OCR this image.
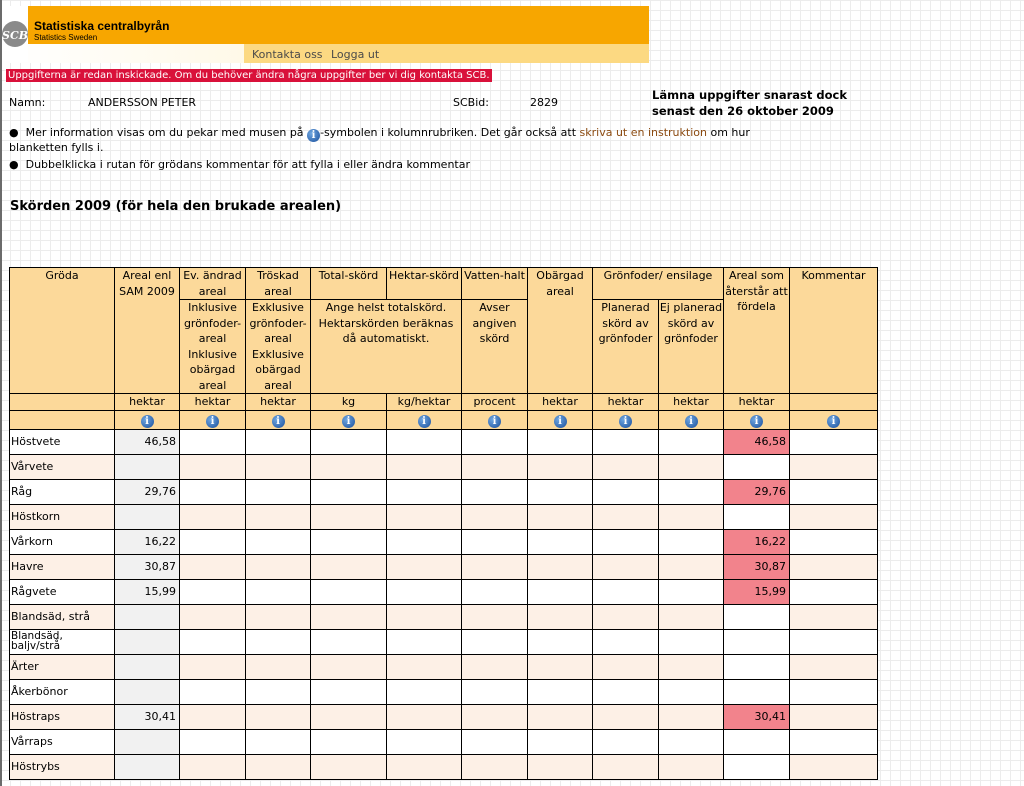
SCB
Statistiska centralbyrån
Statistics Sweden
Kontakta oss Logga ut
Uppgifterna är redan inskickade. Om du behöver ändra några uppgifter ber vi dig kontakta SCB.
Namn:	ANDERSSON PETER	SCBid:	2829
Lämna uppgifter snarast dock
senast den 26 oktober 2009
● Mer information visas om du pekar med musen på i -symbolen i kolumnrubriken. Det går också att skriva ut en instruktion om hur
blanketten fylls i.
● Dubbelklicka i rutan för grödans kommentar för att fylla i eller ändra kommentar
Skörden 2009 (för hela den brukade arealen)
Gröda	Areal enl SAM 2009	Ev. ändrad areal	Tröskad areal	Total-skörd	Hektar-skörd	Vatten-halt	Obärgad areal	Grönfoder/ ensilage		Areal som återstår att fördela	Kommentar
		Inklusive grönfoder-areal Inklusive obärgad areal	Exklusive grönfoder-areal Exklusive obärgad areal	Ange helst totalskörd. Hektarskörden beräknas då automatiskt.		Avser angiven skörd		Planerad skörd av grönfoder	Ej planerad skörd av grönfoder		
	hektar	hektar	hektar	kg	kg/hektar	procent	hektar	hektar	hektar	hektar	
	i	i	i	i	i	i	i	i	i	i	i
Höstvete	46,58									46,58	
Vårvete											
Råg	29,76									29,76	
Höstkorn											
Vårkorn	16,22									16,22	
Havre	30,87									30,87	
Rågvete	15,99									15,99	
Blandsäd, strå											
Blandsäd, baljv/strå											
Ärter											
Åkerbönor											
Höstraps	30,41									30,41	
Vårraps											
Höstrybs											
